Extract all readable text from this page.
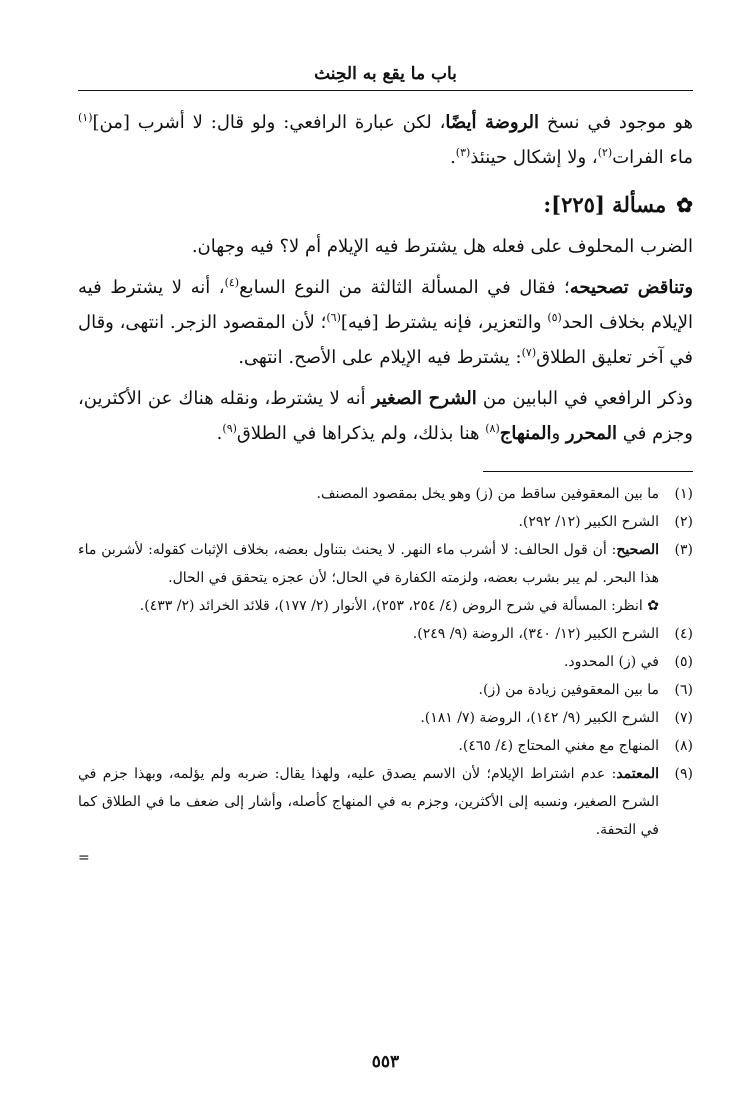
باب ما يقع به الحِنث

هو موجود في نسخ الروضة أيضًا، لكن عبارة الرافعي: ولو قال: لا أشرب [من]$^{(١)}$ ماء الفرات$^{(٢)}$، ولا إشكال حينئذ$^{(٣)}$.

✿
مسألة [٢٢٥]:

الضرب المحلوف على فعله هل يشترط فيه الإيلام أم لا؟ فيه وجهان.

وتناقض تصحيحه؛ فقال في المسألة الثالثة من النوع السابع$^{(٤)}$، أنه لا يشترط فيه الإيلام بخلاف الحد$^{(٥)}$ والتعزير، فإنه يشترط [فيه]$^{(٦)}$؛ لأن المقصود الزجر. انتهى، وقال في آخر تعليق الطلاق$^{(٧)}$: يشترط فيه الإيلام على الأصح. انتهى.

وذكر الرافعي في البابين من الشرح الصغير أنه لا يشترط، ونقله هناك عن الأكثرين، وجزم في المحرر والمنهاج$^{(٨)}$ هنا بذلك، ولم يذكراها في الطلاق$^{(٩)}$.

(١)
ما بين المعقوفين ساقط من (ز) وهو يخل بمقصود المصنف.
(٢)
الشرح الكبير (١٢/ ٢٩٢).
(٣)
الصحيح: أن قول الحالف: لا أشرب ماء النهر. لا يحنث بتناول بعضه، بخلاف الإثبات كقوله: لأشربن ماء هذا البحر. لم يبر بشرب بعضه، ولزمته الكفارة في الحال؛ لأن عجزه يتحقق في الحال.
✿ انظر: المسألة في شرح الروض (٤/ ٢٥٤، ٢٥٣)، الأنوار (٢/ ١٧٧)، قلائد الخرائد (٢/ ٤٣٣).
(٤)
الشرح الكبير (١٢/ ٣٤٠)، الروضة (٩/ ٢٤٩).
(٥)
في (ز) المحدود.
(٦)
ما بين المعقوفين زيادة من (ز).
(٧)
الشرح الكبير (٩/ ١٤٢)، الروضة (٧/ ١٨١).
(٨)
المنهاج مع مغني المحتاج (٤/ ٤٦٥).
(٩)
المعتمد: عدم اشتراط الإيلام؛ لأن الاسم يصدق عليه، ولهذا يقال: ضربه ولم يؤلمه، وبهذا جزم في الشرح الصغير، ونسبه إلى الأكثرين، وجزم به في المنهاج كأصله، وأشار إلى ضعف ما في الطلاق كما في التحفة.
=
٥٥٣
